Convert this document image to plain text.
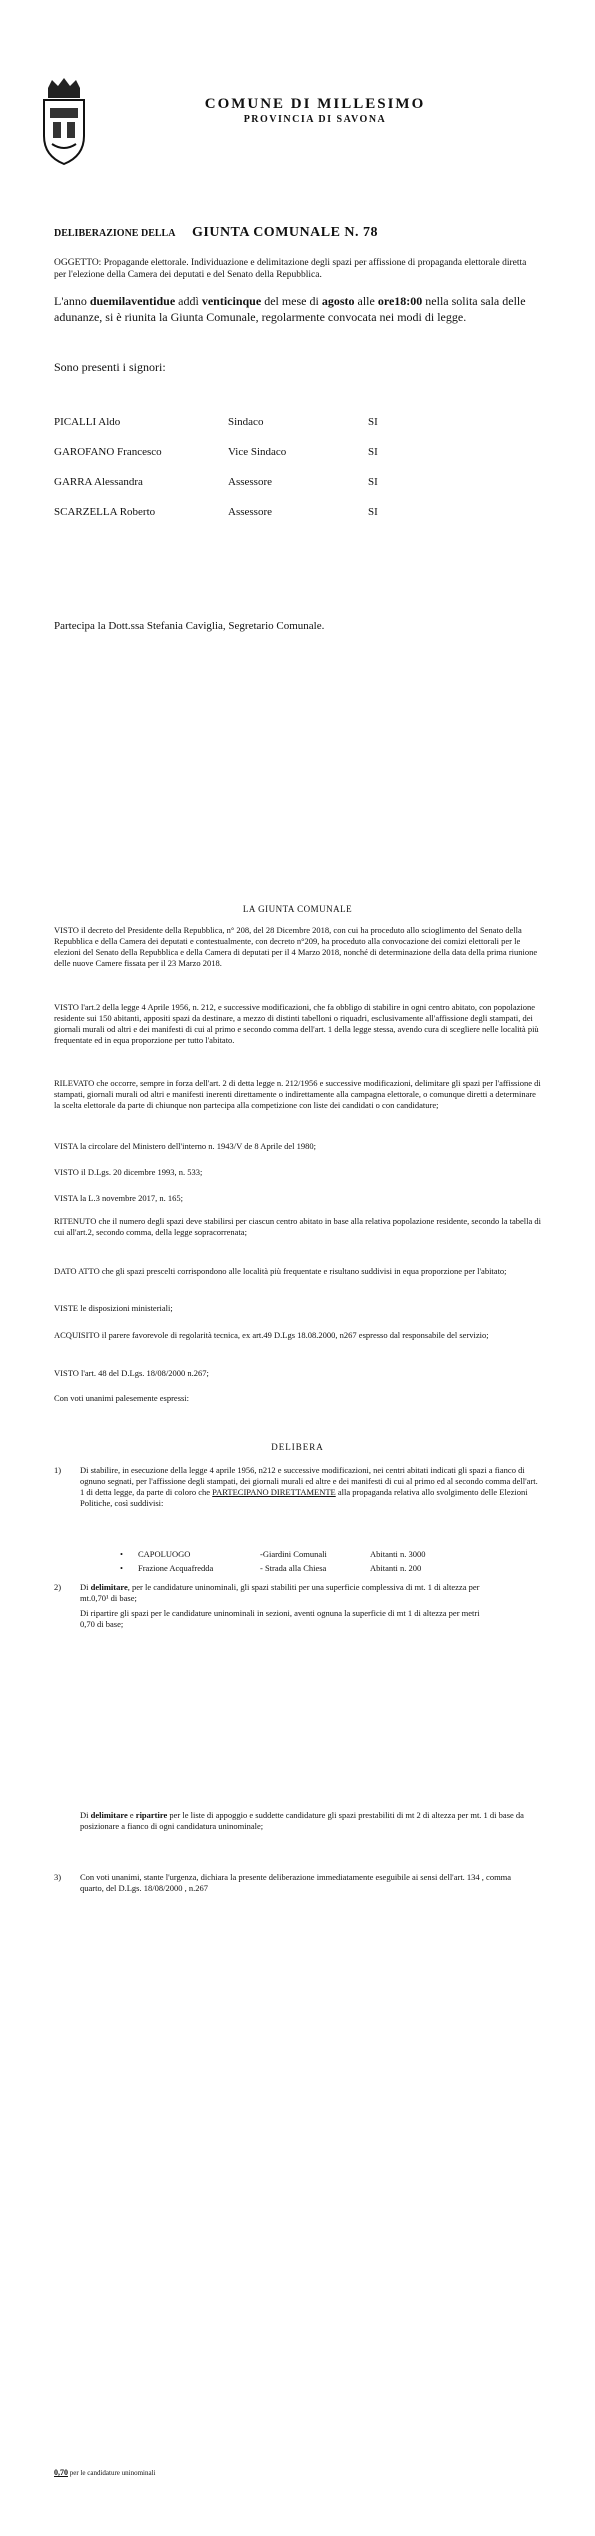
COMUNE DI MILLESIMO
PROVINCIA DI SAVONA
DELIBERAZIONE DELLA GIUNTA COMUNALE N. 78
OGGETTO: Propagande elettorale. Individuazione e delimitazione degli spazi per affissione di propaganda elettorale diretta per l'elezione della Camera dei deputati e del Senato della Repubblica.
L'anno duemilaventidue addì venticinque del mese di agosto alle ore18:00 nella solita sala delle adunanze, si è riunita la Giunta Comunale, regolarmente convocata nei modi di legge.
Sono presenti i signori:
PICALLI Aldo	Sindaco	SI
GAROFANO Francesco	Vice Sindaco	SI
GARRA Alessandra	Assessore	SI
SCARZELLA Roberto	Assessore	SI
Partecipa la Dott.ssa Stefania Caviglia, Segretario Comunale.
LA GIUNTA COMUNALE
VISTO il decreto del Presidente della Repubblica, n° 208, del 28 Dicembre 2018, con cui ha proceduto allo scioglimento del Senato della Repubblica e della Camera dei deputati e contestualmente, con decreto n°209, ha proceduto alla convocazione dei comizi elettorali per le elezioni del Senato della Repubblica e della Camera di deputati per il 4 Marzo 2018, nonché di determinazione della data della prima riunione delle nuove Camere fissata per il 23 Marzo 2018.
VISTO l'art.2 della legge 4 Aprile 1956, n. 212, e successive modificazioni, che fa obbligo di stabilire in ogni centro abitato, con popolazione residente sui 150 abitanti, appositi spazi da destinare, a mezzo di distinti tabelloni o riquadri, esclusivamente all'affissione degli stampati, dei giornali murali od altri e dei manifesti di cui al primo e secondo comma dell'art. 1 della legge stessa, avendo cura di scegliere nelle località più frequentate ed in equa proporzione per tutto l'abitato.
RILEVATO che occorre, sempre in forza dell'art. 2 di detta legge n. 212/1956 e successive modificazioni, delimitare gli spazi per l'affissione di stampati, giornali murali od altri e manifesti inerenti direttamente o indirettamente alla campagna elettorale, o comunque diretti a determinare la scelta elettorale da parte di chiunque non partecipa alla competizione con liste dei candidati o con candidature;
VISTA la circolare del Ministero dell'interno n. 1943/V de 8 Aprile del 1980;
VISTO il D.Lgs. 20 dicembre 1993, n. 533;
VISTA la L.3 novembre 2017, n. 165;
RITENUTO che il numero degli spazi deve stabilirsi per ciascun centro abitato in base alla relativa popolazione residente, secondo la tabella di cui all'art.2, secondo comma, della legge sopracorrenata;
DATO ATTO che gli spazi prescelti corrispondono alle località più frequentate e risultano suddivisi in equa proporzione per l'abitato;
VISTE le disposizioni ministeriali;
ACQUISITO il parere favorevole di regolarità tecnica, ex art.49 D.Lgs 18.08.2000, n267 espresso dal responsabile del servizio;
VISTO l'art. 48 del D.Lgs. 18/08/2000 n.267;
Con voti unanimi palesemente espressi:
DELIBERA
1) Di stabilire, in esecuzione della legge 4 aprile 1956, n212 e successive modificazioni, nei centri abitati indicati gli spazi a fianco di ognuno segnati, per l'affissione degli stampati, dei giornali murali ed altre e dei manifesti di cui al primo ed al secondo comma dell'art. 1 di detta legge, da parte di coloro che PARTECIPANO DIRETTAMENTE alla propaganda relativa allo svolgimento delle Elezioni Politiche, così suddivisi:
• CAPOLUOGO	-Giardini Comunali	Abitanti n. 3000
• Frazione Acquafredda	- Strada alla Chiesa	Abitanti n. 200
2) Di delimitare, per le candidature uninominali, gli spazi stabiliti per una superficie complessiva di mt. 1 di altezza per mt.0,70¹ di base;
Di ripartire gli spazi per le candidature uninominali in sezioni, aventi ognuna la superficie di mt 1 di altezza per metri 0,70 di base;
Di delimitare e ripartire per le liste di appoggio e suddette candidature gli spazi prestabiliti di mt 2 di altezza per mt. 1 di base da posizionare a fianco di ogni candidatura uninominale;
3) Con voti unanimi, stante l'urgenza, dichiara la presente deliberazione immediatamente eseguibile ai sensi dell'art. 134 , comma quarto, del D.Lgs. 18/08/2000 , n.267
0,70 per le candidature uninominali
